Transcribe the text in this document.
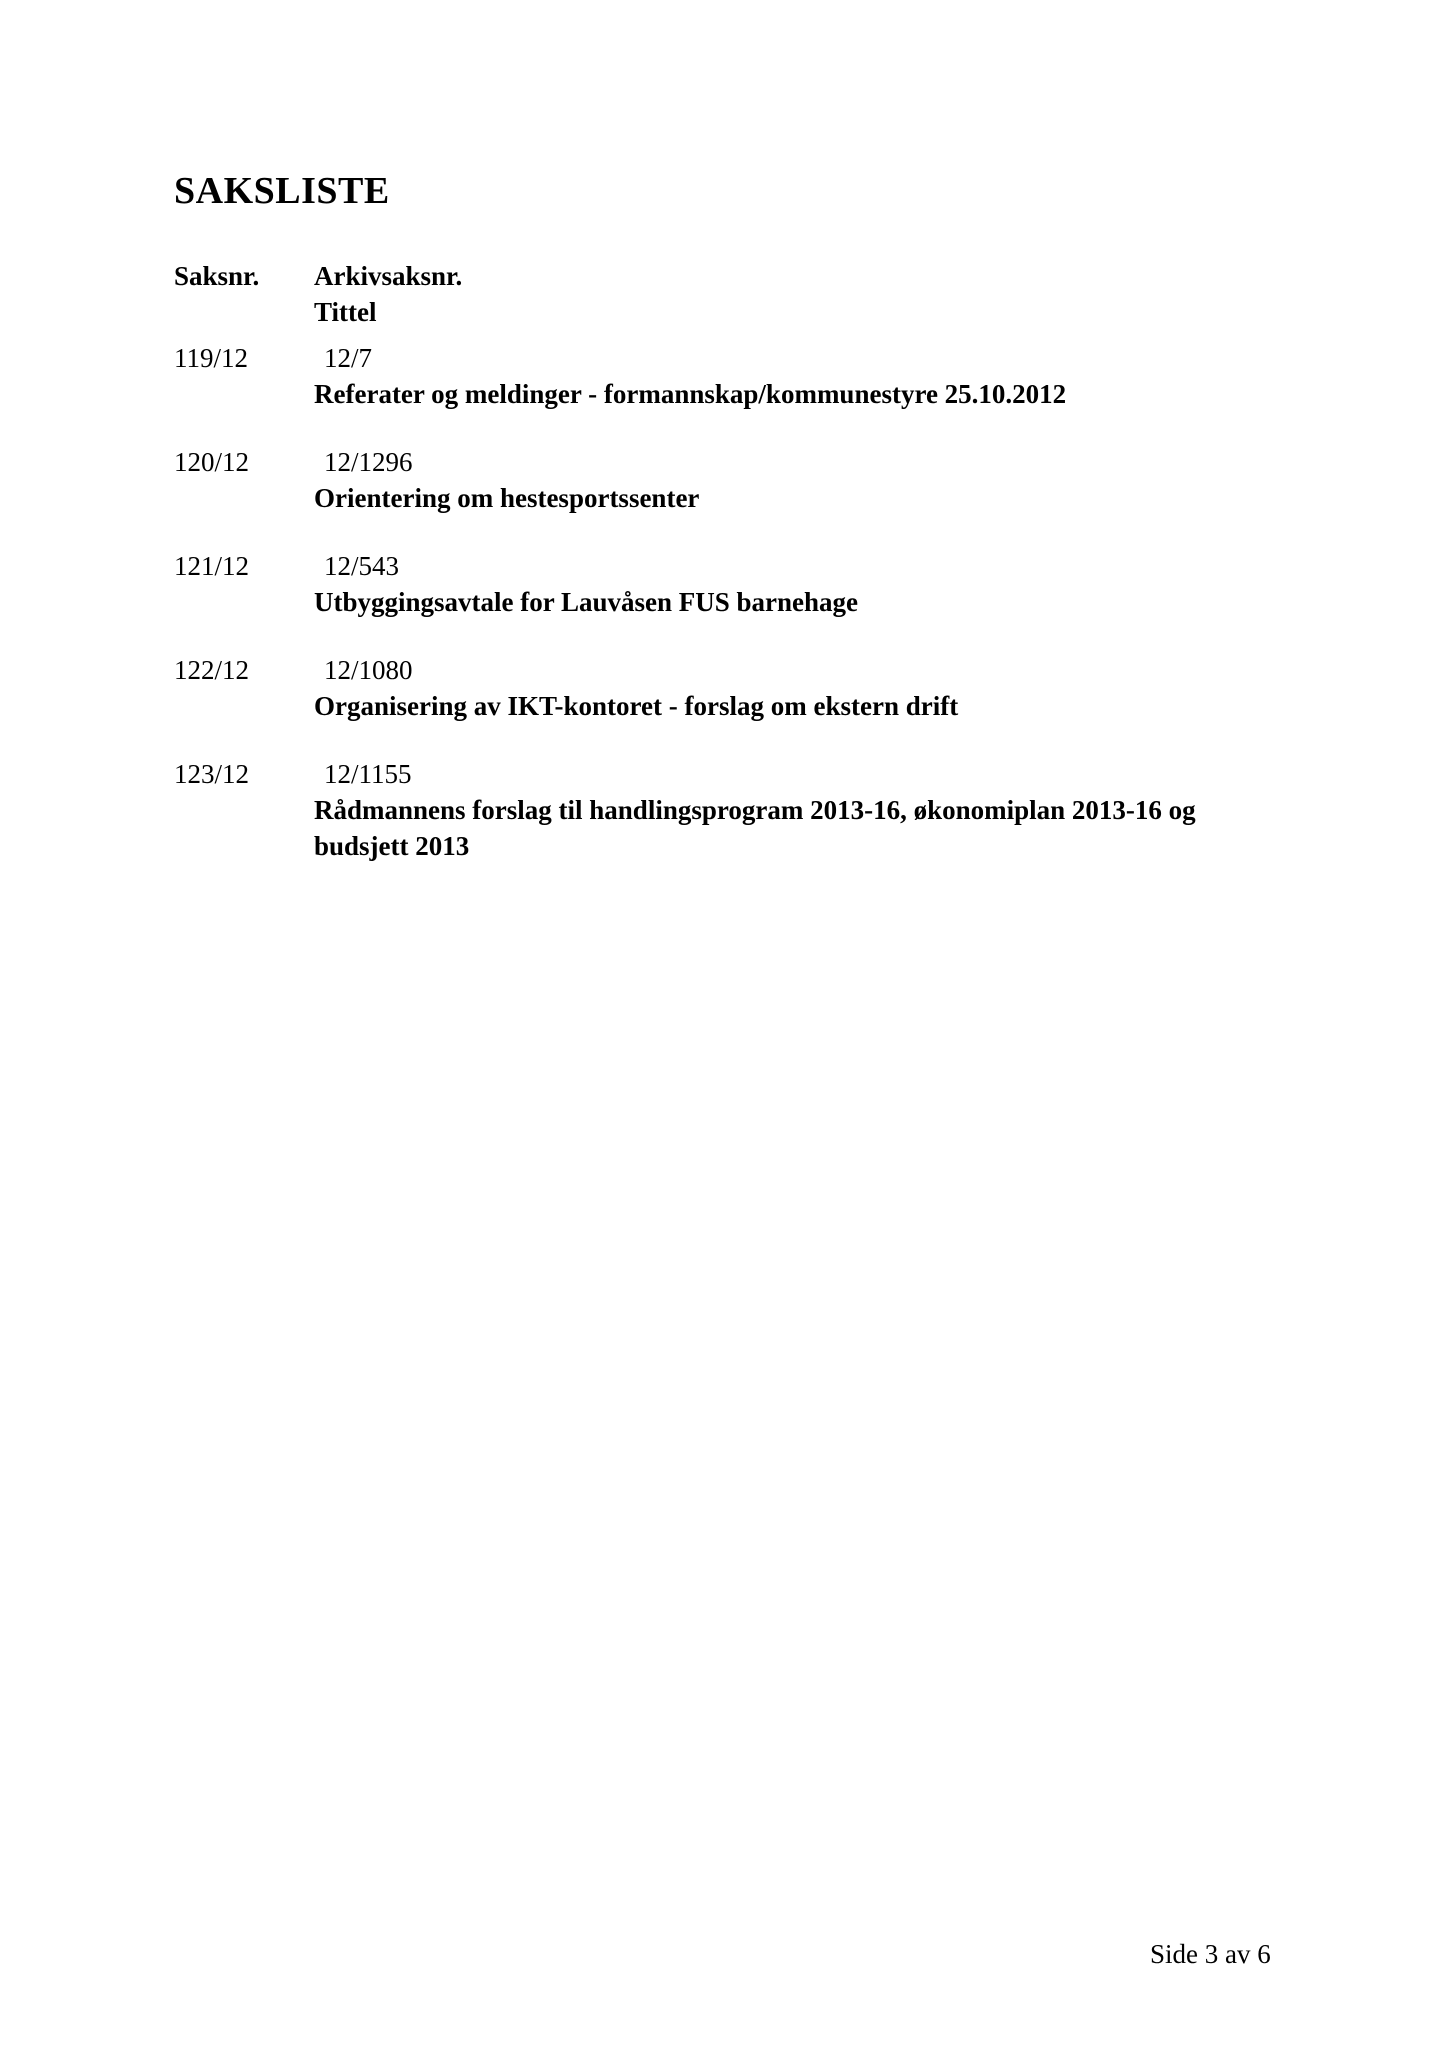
SAKSLISTE
Saksnr. Arkivsaksnr.
Tittel
119/12	12/7
Referater og meldinger - formannskap/kommunestyre 25.10.2012
120/12	12/1296
Orientering om hestesportssenter
121/12	12/543
Utbyggingsavtale for Lauvåsen FUS barnehage
122/12	12/1080
Organisering av IKT-kontoret - forslag om ekstern drift
123/12	12/1155
Rådmannens forslag til handlingsprogram 2013-16, økonomiplan 2013-16 og budsjett 2013
Side 3 av 6
